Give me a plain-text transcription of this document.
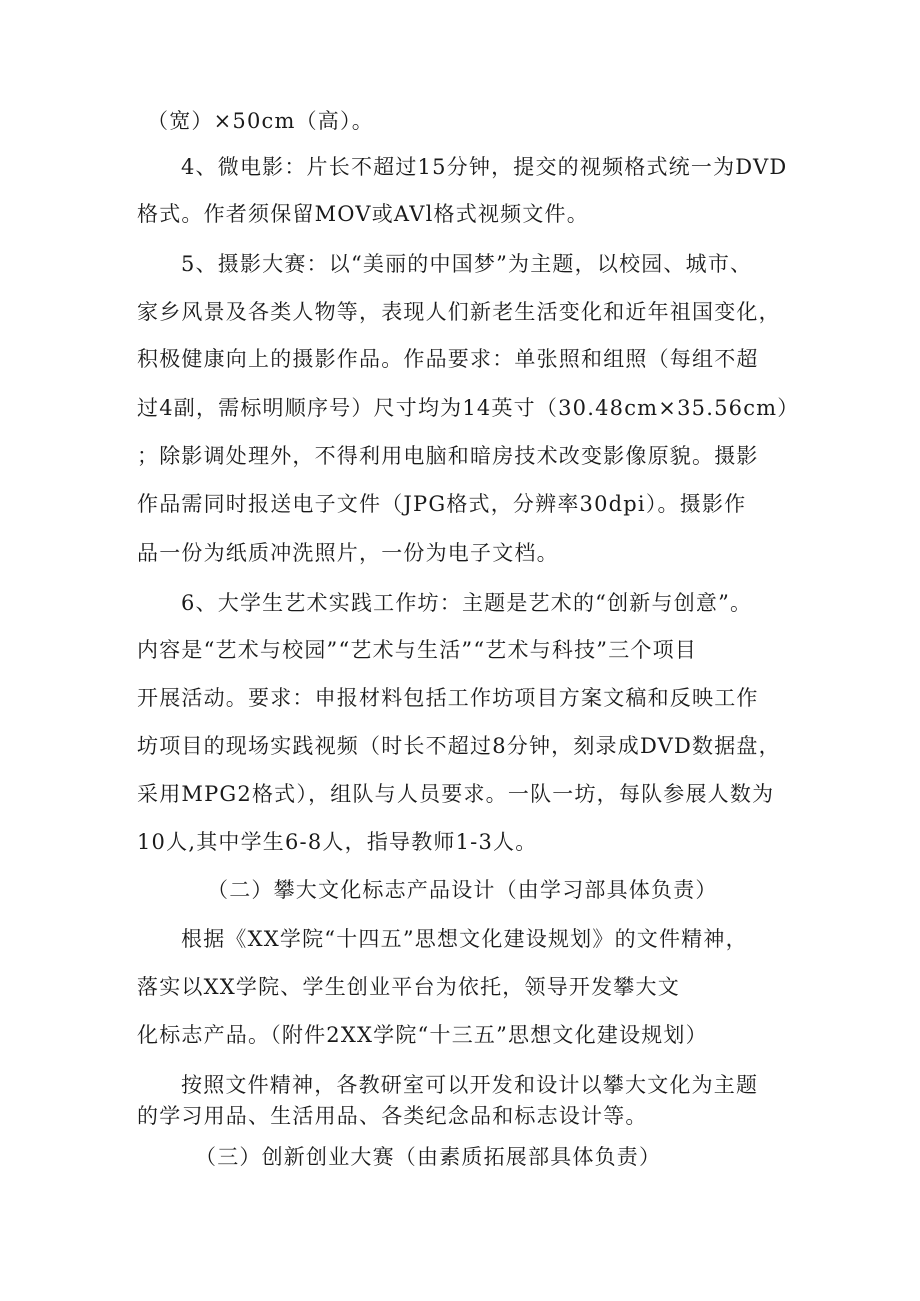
（宽）×50cm（高）。
4、微电影：片长不超过15分钟，提交的视频格式统一为DVD
格式。作者须保留MOV或AVl格式视频文件。
5、摄影大赛：以“美丽的中国梦”为主题，以校园、城市、
家乡风景及各类人物等，表现人们新老生活变化和近年祖国变化，
积极健康向上的摄影作品。作品要求：单张照和组照（每组不超
过4副，需标明顺序号）尺寸均为14英寸（30.48cm×35.56cm）
；除影调处理外，不得利用电脑和暗房技术改变影像原貌。摄影
作品需同时报送电子文件（JPG格式，分辨率30dpi）。摄影作
品一份为纸质冲洗照片，一份为电子文档。
6、大学生艺术实践工作坊：主题是艺术的“创新与创意”。
内容是“艺术与校园”“艺术与生活”“艺术与科技”三个项目
开展活动。要求：申报材料包括工作坊项目方案文稿和反映工作
坊项目的现场实践视频（时长不超过8分钟，刻录成DVD数据盘，
采用MPG2格式），组队与人员要求。一队一坊，每队参展人数为
10人,其中学生6-8人，指导教师1-3人。
（二）攀大文化标志产品设计（由学习部具体负责）
根据《XX学院“十四五”思想文化建设规划》的文件精神，
落实以XX学院、学生创业平台为依托，领导开发攀大文
化标志产品。（附件2XX学院“十三五”思想文化建设规划）
按照文件精神，各教研室可以开发和设计以攀大文化为主题
的学习用品、生活用品、各类纪念品和标志设计等。
（三）创新创业大赛（由素质拓展部具体负责）
